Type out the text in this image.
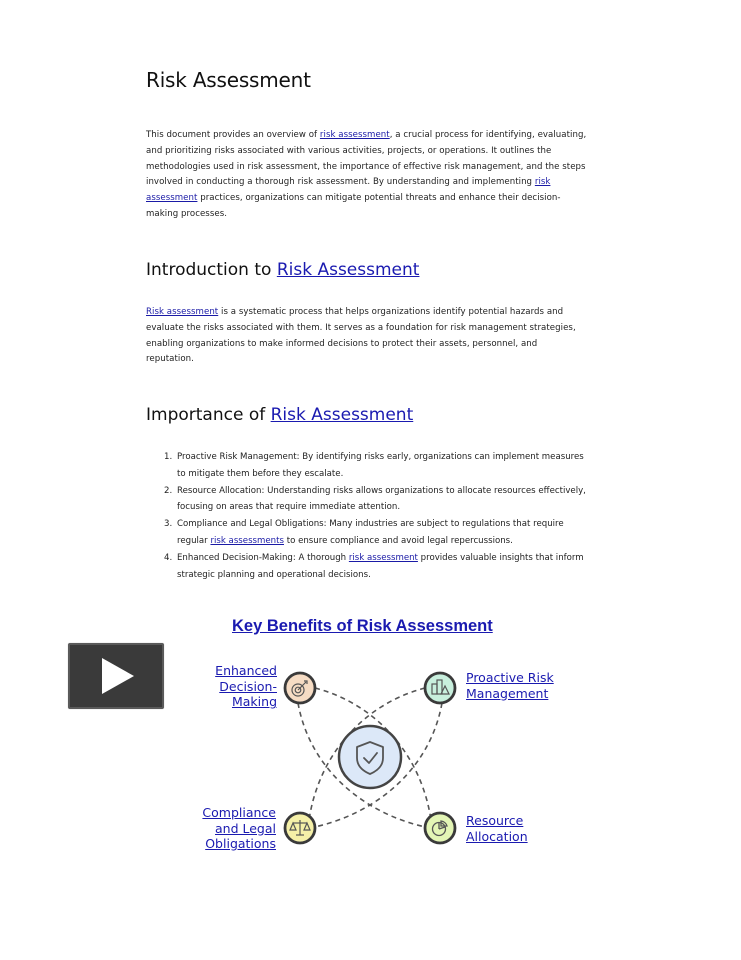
Risk Assessment

This document provides an overview of risk assessment, a crucial process for identifying, evaluating, and prioritizing risks associated with various activities, projects, or operations. It outlines the methodologies used in risk assessment, the importance of effective risk management, and the steps involved in conducting a thorough risk assessment. By understanding and implementing risk assessment practices, organizations can mitigate potential threats and enhance their decision-making processes.

Introduction to Risk Assessment

Risk assessment is a systematic process that helps organizations identify potential hazards and evaluate the risks associated with them. It serves as a foundation for risk management strategies, enabling organizations to make informed decisions to protect their assets, personnel, and reputation.

Importance of Risk Assessment
1. Proactive Risk Management: By identifying risks early, organizations can implement measures to mitigate them before they escalate.
2. Resource Allocation: Understanding risks allows organizations to allocate resources effectively, focusing on areas that require immediate attention.
3. Compliance and Legal Obligations: Many industries are subject to regulations that require regular risk assessments to ensure compliance and avoid legal repercussions.
4. Enhanced Decision-Making: A thorough risk assessment provides valuable insights that inform strategic planning and operational decisions.
Key Benefits of Risk Assessment
Enhanced
Decision-
Making
Proactive Risk
Management
Compliance
and Legal
Obligations
Resource
Allocation
